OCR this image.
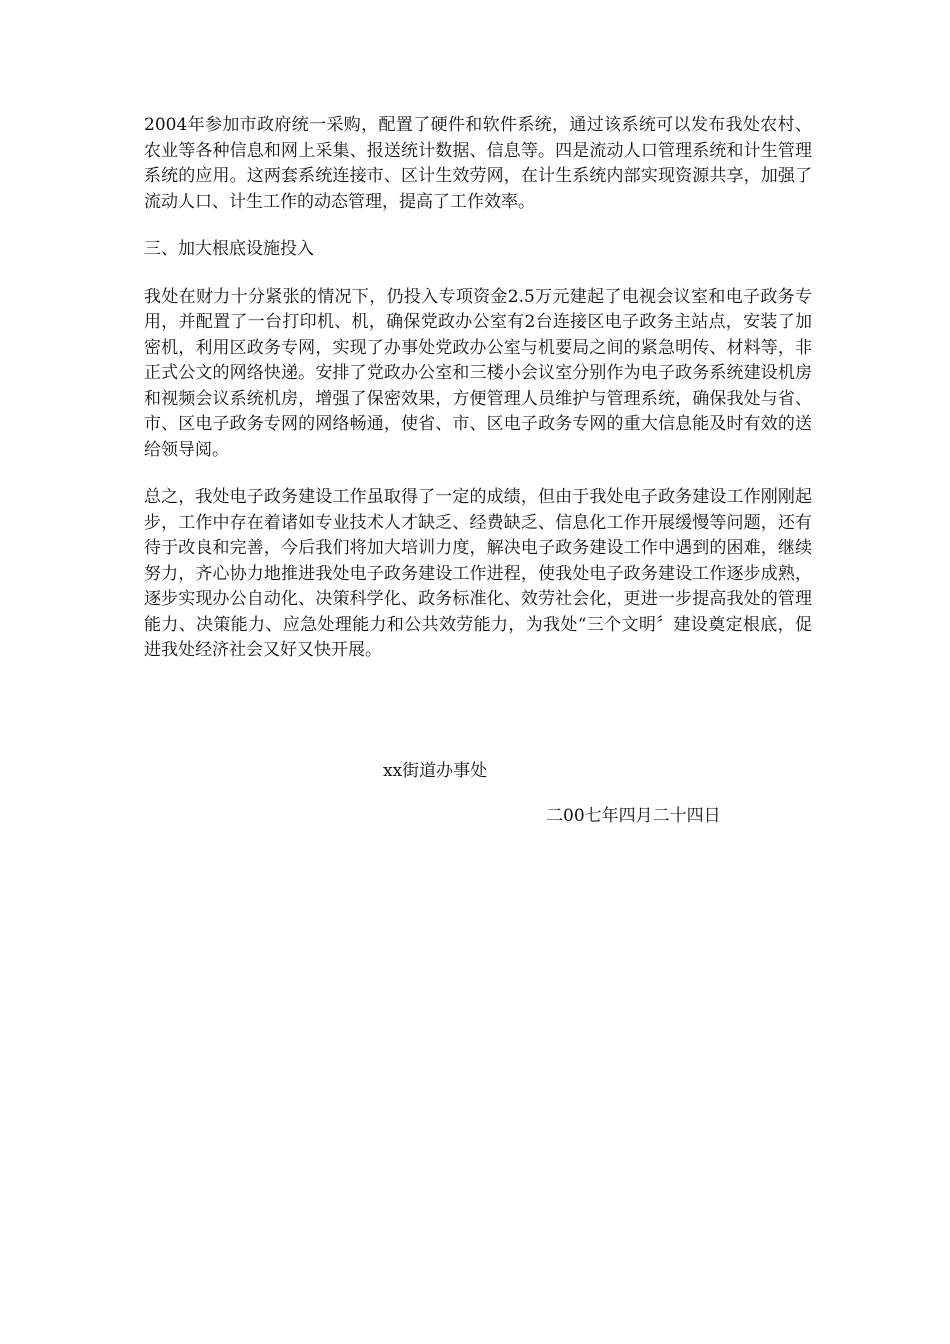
2004年参加市政府统一采购，配置了硬件和软件系统，通过该系统可以发布我处农村、农业等各种信息和网上采集、报送统计数据、信息等。四是流动人口管理系统和计生管理系统的应用。这两套系统连接市、区计生效劳网，在计生系统内部实现资源共享，加强了流动人口、计生工作的动态管理，提高了工作效率。

三、加大根底设施投入

我处在财力十分紧张的情况下，仍投入专项资金2.5万元建起了电视会议室和电子政务专用，并配置了一台打印机、机，确保党政办公室有2台连接区电子政务主站点，安装了加密机，利用区政务专网，实现了办事处党政办公室与机要局之间的紧急明传、材料等，非正式公文的网络快递。安排了党政办公室和三楼小会议室分别作为电子政务系统建设机房和视频会议系统机房，增强了保密效果，方便管理人员维护与管理系统，确保我处与省、市、区电子政务专网的网络畅通，使省、市、区电子政务专网的重大信息能及时有效的送给领导阅。

总之，我处电子政务建设工作虽取得了一定的成绩，但由于我处电子政务建设工作刚刚起步，工作中存在着诸如专业技术人才缺乏、经费缺乏、信息化工作开展缓慢等问题，还有待于改良和完善，今后我们将加大培训力度，解决电子政务建设工作中遇到的困难，继续努力，齐心协力地推进我处电子政务建设工作进程，使我处电子政务建设工作逐步成熟，逐步实现办公自动化、决策科学化、政务标准化、效劳社会化，更进一步提高我处的管理能力、决策能力、应急处理能力和公共效劳能力，为我处“三个文明〞建设奠定根底，促进我处经济社会又好又快开展。

xx街道办事处
二00七年四月二十四日
